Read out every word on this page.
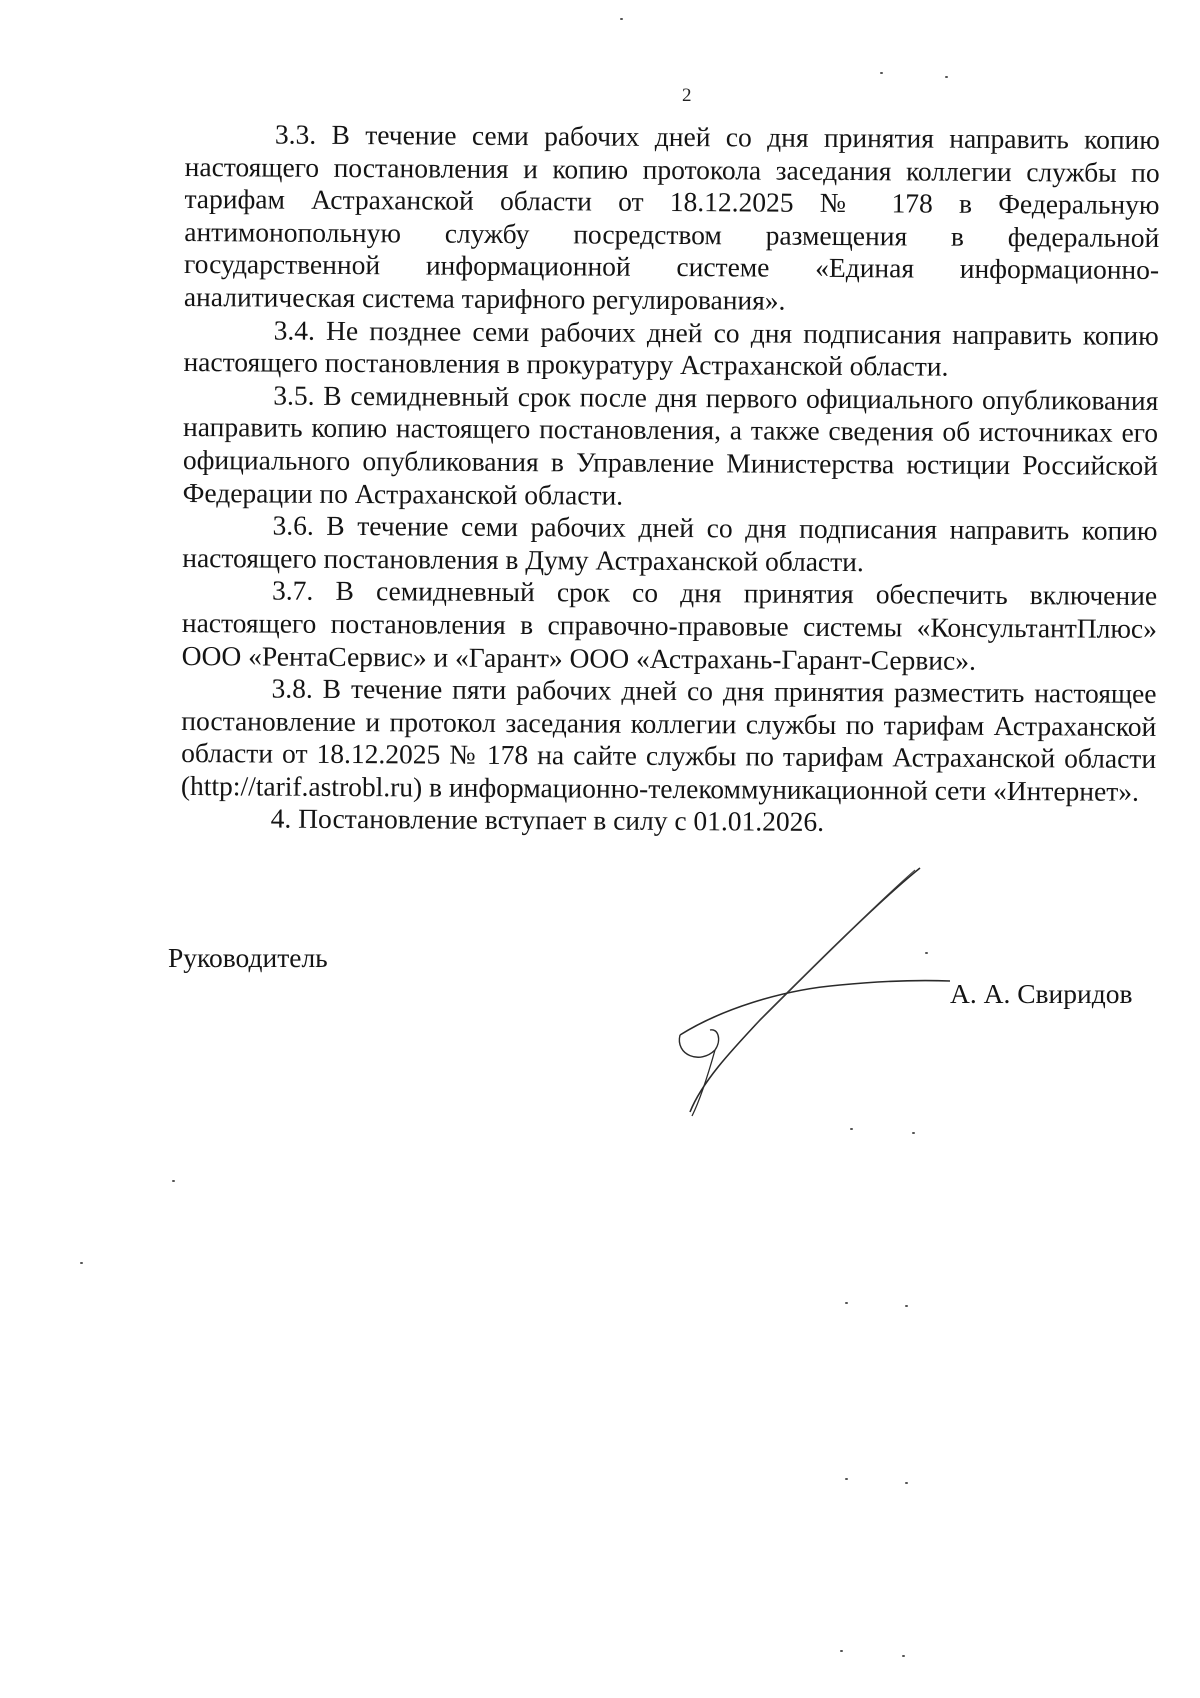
2

3.3. В течение семи рабочих дней со дня принятия направить копию настоящего постановления и копию протокола заседания коллегии службы по тарифам Астраханской области от 18.12.2025 № 178 в Федеральную антимонопольную службу посредством размещения в федеральной государственной информационной системе «Единая информационно-аналитическая система тарифного регулирования».

3.4. Не позднее семи рабочих дней со дня подписания направить копию настоящего постановления в прокуратуру Астраханской области.

3.5. В семидневный срок после дня первого официального опубликования направить копию настоящего постановления, а также сведения об источниках его официального опубликования в Управление Министерства юстиции Российской Федерации по Астраханской области.

3.6. В течение семи рабочих дней со дня подписания направить копию настоящего постановления в Думу Астраханской области.

3.7. В семидневный срок со дня принятия обеспечить включение настоящего постановления в справочно-правовые системы «КонсультантПлюс» ООО «РентаСервис» и «Гарант» ООО «Астрахань-Гарант-Сервис».

3.8. В течение пяти рабочих дней со дня принятия разместить настоящее постановление и протокол заседания коллегии службы по тарифам Астраханской области от 18.12.2025 № 178 на сайте службы по тарифам Астраханской области (http://tarif.astrobl.ru) в информационно-телекоммуникационной сети «Интернет».

4. Постановление вступает в силу с 01.01.2026.

Руководитель
А. А. Свиридов
